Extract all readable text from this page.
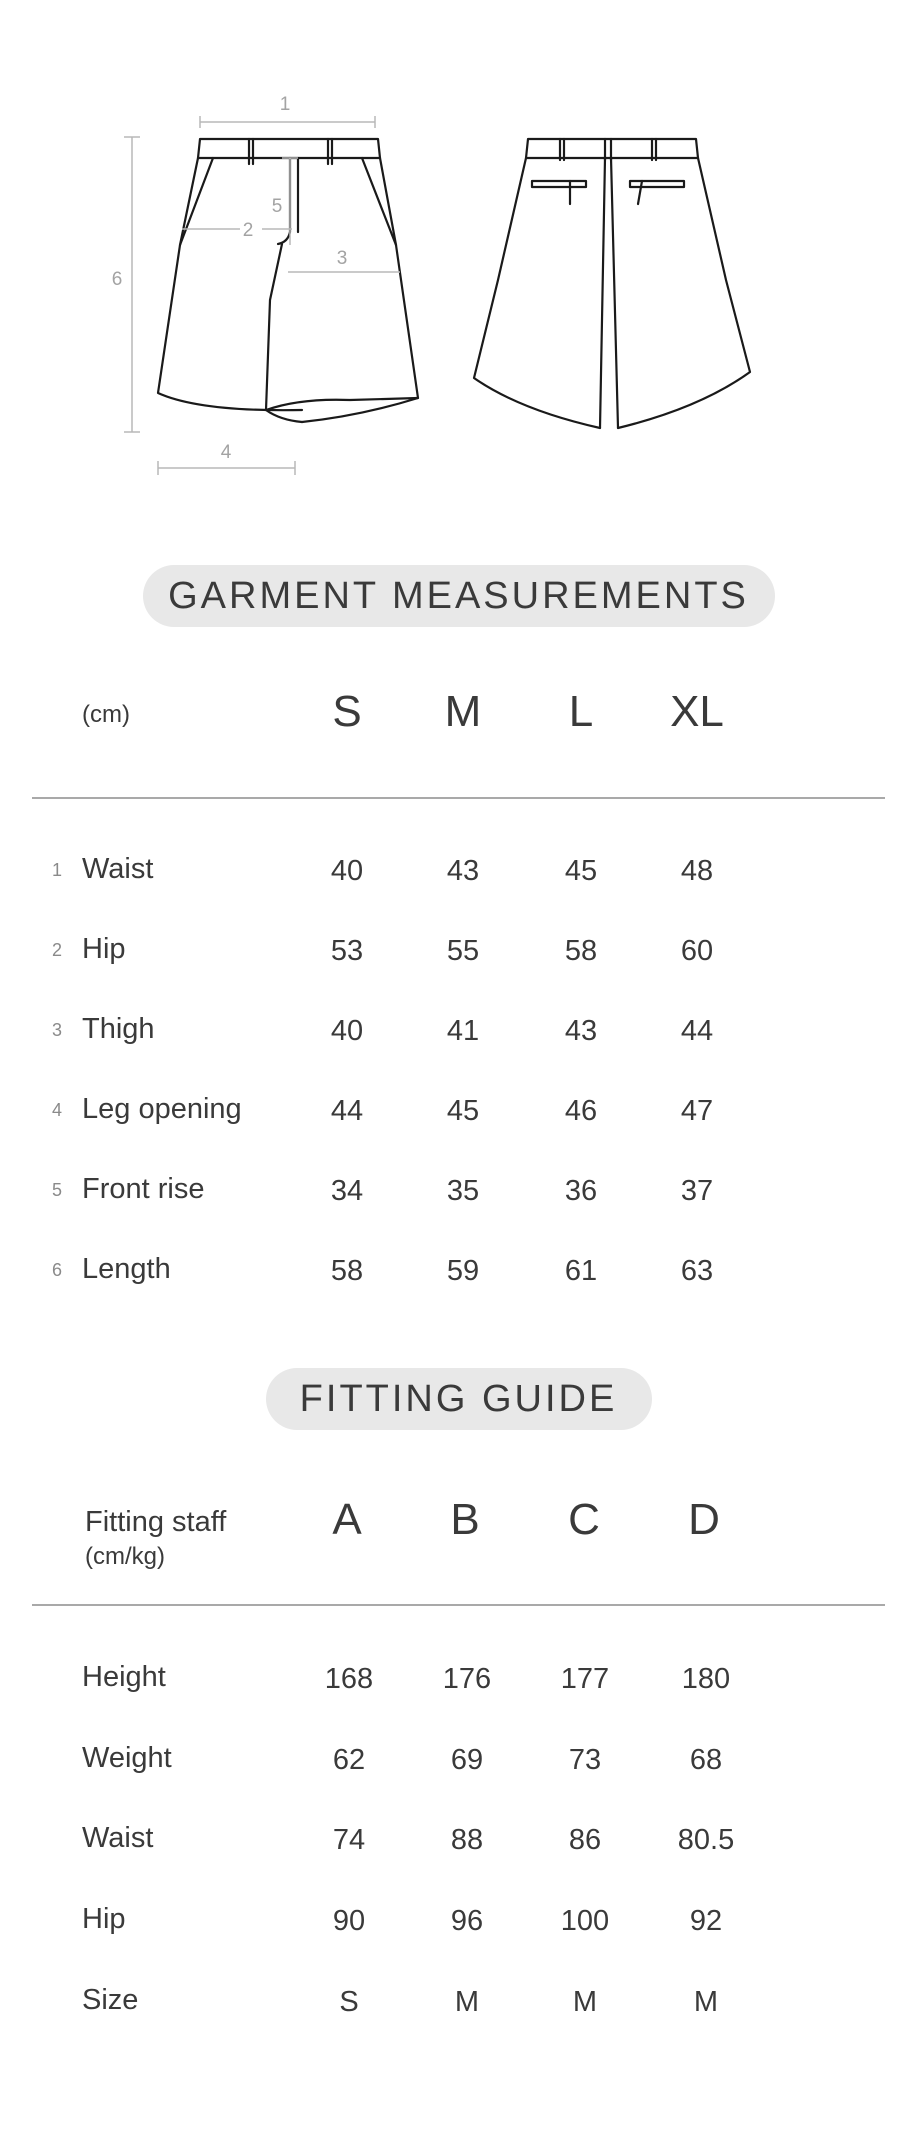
1
2
3
4
5
6
GARMENT MEASUREMENTS
(cm)	S M L XL
1 Waist	40	43	45	48
2 Hip	53	55	58	60
3 Thigh	40	41	43	44
4 Leg opening	44	45	46	47
5 Front rise	34	35	36	37
6 Length	58	59	61	63
FITTING GUIDE
Fitting staff
(cm/kg)
A B C D
Height	168 176 177	180
Weight	62	69	73	68
Waist	74	88	86	80.5
Hip	90	96	100	92
Size	S	M	M	M
